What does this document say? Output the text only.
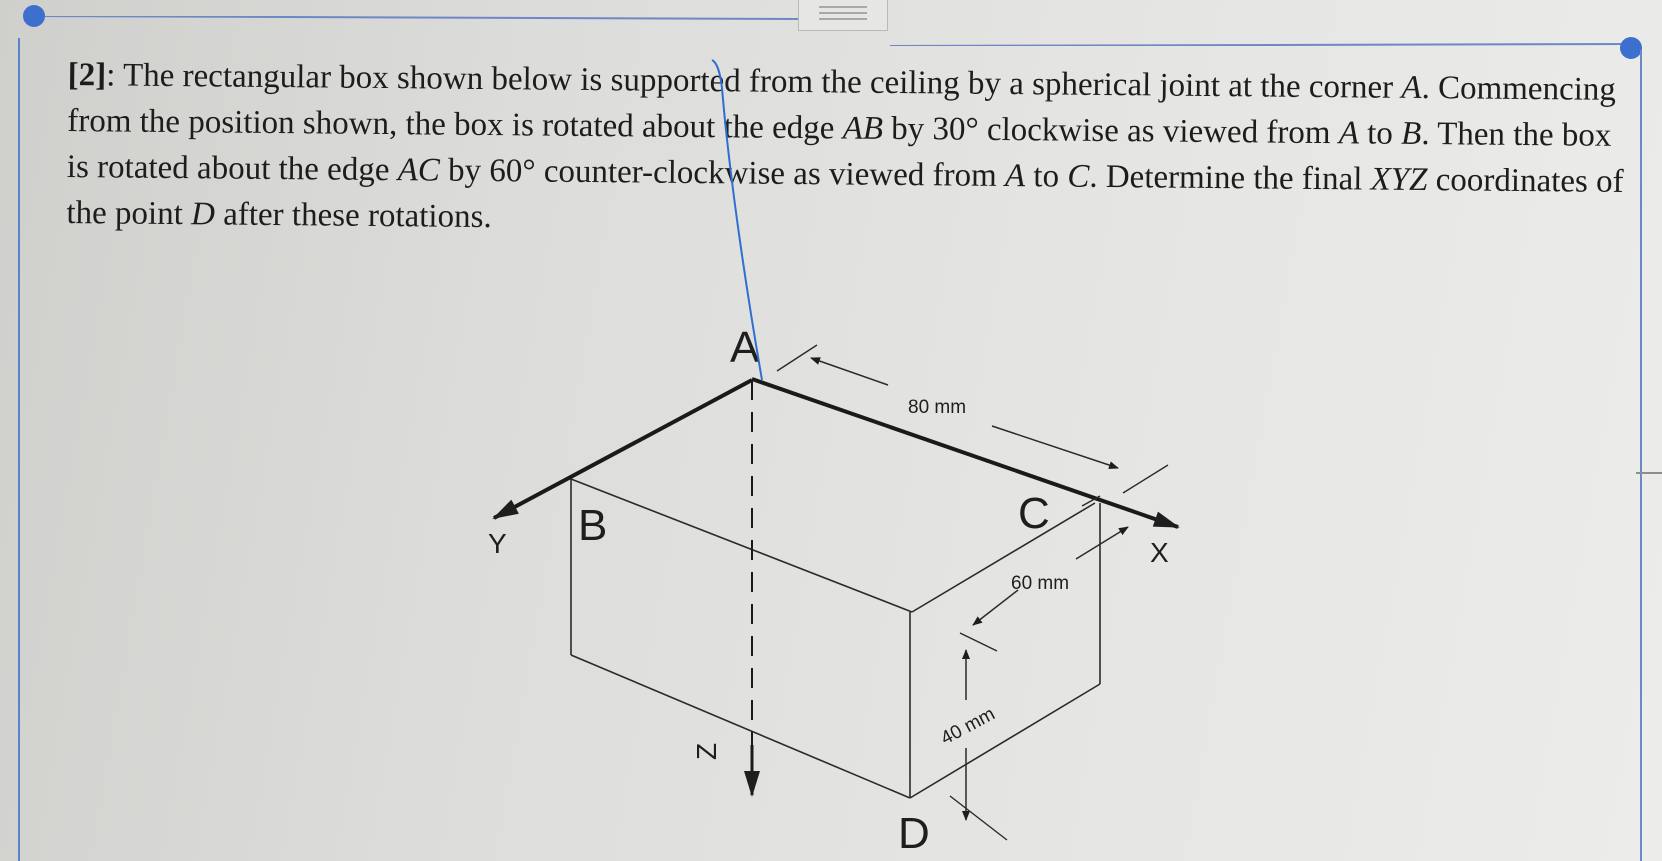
[2]: The rectangular box shown below is supported from the ceiling by a spherical joint at the corner A. Commencing from the position shown, the box is rotated about the edge AB by 30° clockwise as viewed from A to B. Then the box is rotated about the edge AC by 60° counter-clockwise as viewed from A to C. Determine the final XYZ coordinates of the point D after these rotations.
A
B	C
D
X
Y
Z
80 mm
60 mm
40 mm
